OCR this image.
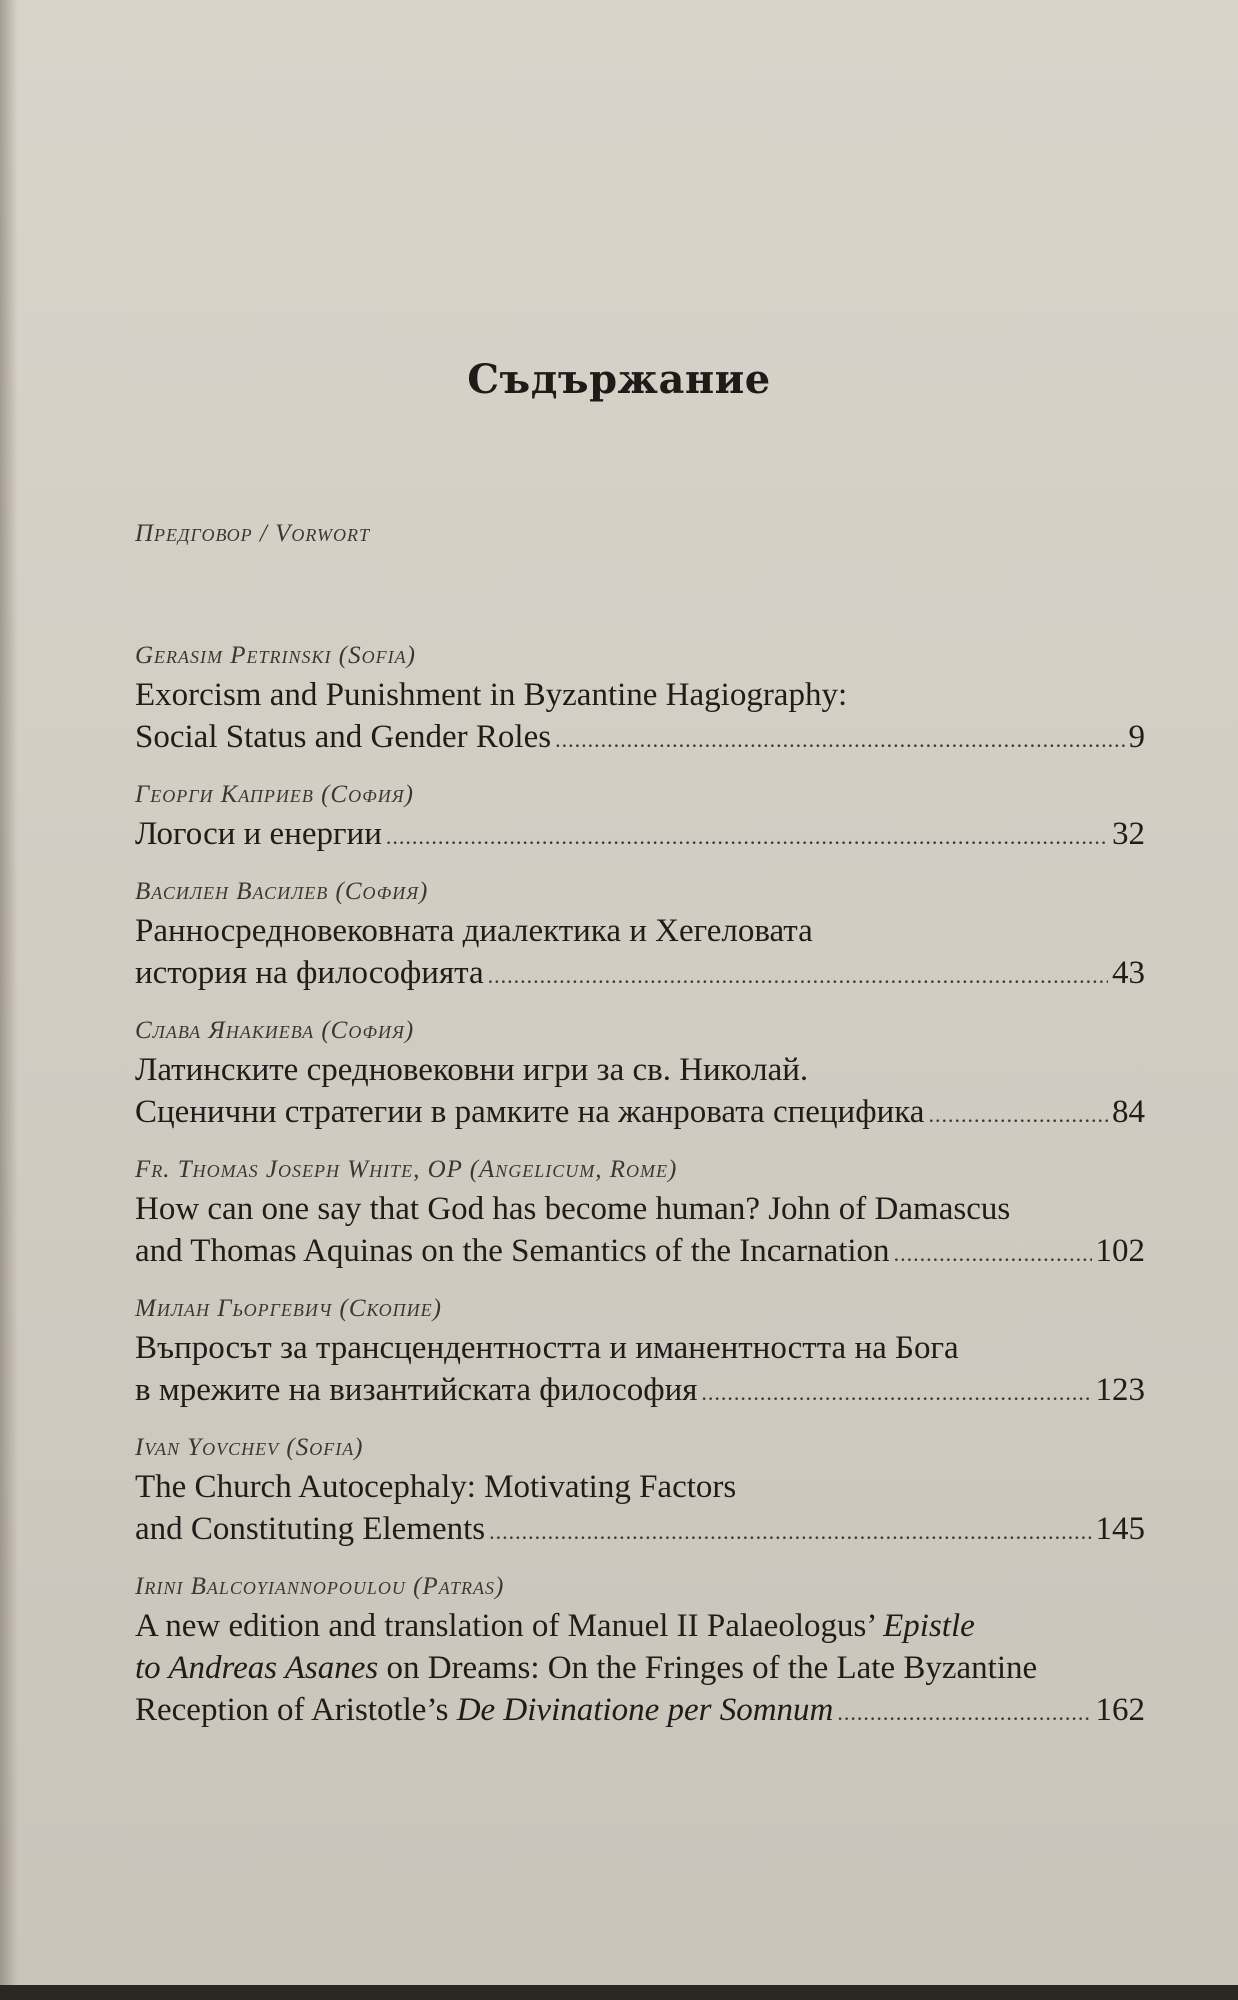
Съдържание
Предговор / Vorwort
Gerasim Petrinski (Sofia)
Exorcism and Punishment in Byzantine Hagiography:
Social Status and Gender Roles .....	9
Георги Каприев (София)
Логоси и енергии .....	32
Василен Василев (София)
Ранносредновековната диалектика и Хегеловата
история на философията .....	43
Слава Янакиева (София)
Латинските средновековни игри за св. Николай.
Сценични стратегии в рамките на жанровата специфика .....	84
Fr. Thomas Joseph White, OP (Angelicum, Rome)
How can one say that God has become human? John of Damascus
and Thomas Aquinas on the Semantics of the Incarnation .....	102
Милан Гьоргевич (Скопие)
Въпросът за трансцендентността и иманентността на Бога
в мрежите на византийската философия .....	123
Ivan Yovchev (Sofia)
The Church Autocephaly: Motivating Factors
and Constituting Elements .....	145
Irini Balcoyiannopoulou (Patras)
A new edition and translation of Manuel II Palaeologus’ Epistle
to Andreas Asanes on Dreams: On the Fringes of the Late Byzantine
Reception of Aristotle’s De Divinatione per Somnum .....	162
